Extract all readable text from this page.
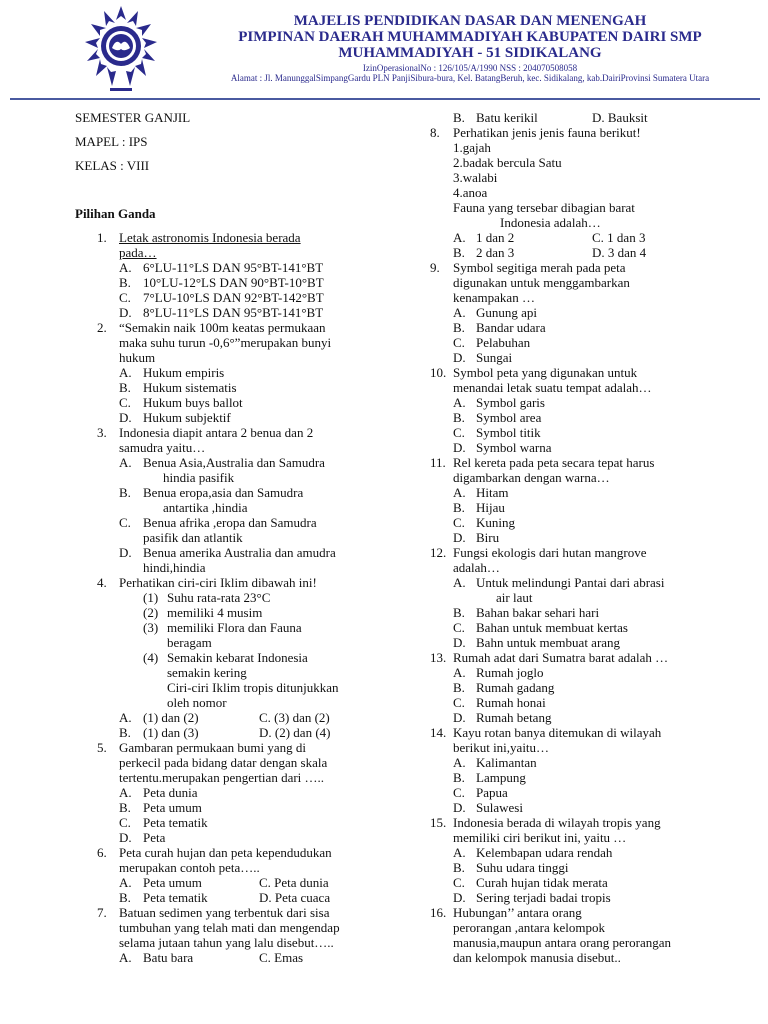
MAJELIS PENDIDIKAN DASAR DAN MENENGAH
PIMPINAN DAERAH MUHAMMADIYAH KABUPATEN DAIRI SMP
MUHAMMADIYAH - 51 SIDIKALANG
IzinOperasionalNo : 126/105/A/1990 NSS : 204070508058
Alamat : Jl. ManunggalSimpangGardu PLN PanjiSibura-bura, Kel. BatangBeruh, kec. Sidikalang, kab.DairiProvinsi Sumatera Utara
SEMESTER GANJIL
MAPEL : IPS
Pilihan Ganda
KELAS : VIII
1. Letak astronomis Indonesia berada
pada…
A. 6°LU-11°LS DAN 95°BT-141°BT
B. 10°LU-12°LS DAN 90°BT-10°BT
C. 7°LU-10°LS DAN 92°BT-142°BT
D. 8°LU-11°LS DAN 95°BT-141°BT
2. “Semakin naik 100m keatas permukaan
maka suhu turun -0,6°”merupakan bunyi
hukum
A. Hukum empiris
B. Hukum sistematis
C. Hukum buys ballot
D. Hukum subjektif
3. Indonesia diapit antara 2 benua dan 2
samudra yaitu…
A. Benua Asia,Australia dan Samudra
hindia pasifik
B. Benua eropa,asia dan Samudra
antartika ,hindia
C. Benua afrika ,eropa dan Samudra
pasifik dan atlantik
D. Benua amerika Australia dan amudra
hindi,hindia
4. Perhatikan ciri-ciri Iklim dibawah ini!
(1) Suhu rata-rata 23°C
(2) memiliki 4 musim
(3) memiliki Flora dan Fauna
beragam
(4) Semakin kebarat Indonesia
semakin kering
Ciri-ciri Iklim tropis ditunjukkan
oleh nomor
A. (1) dan (2)	C. (3) dan (2)
B. (1) dan (3)	D. (2) dan (4)
5. Gambaran permukaan bumi yang di
perkecil pada bidang datar dengan skala
tertentu.merupakan pengertian dari …..
A. Peta dunia
B. Peta umum
C. Peta tematik
D. Peta
6. Peta curah hujan dan peta kependudukan
merupakan contoh peta…..
A. Peta umum	C. Peta dunia
B. Peta tematik	D. Peta cuaca
7. Batuan sedimen yang terbentuk dari sisa
tumbuhan yang telah mati dan mengendap
selama jutaan tahun yang lalu disebut…..
A. Batu bara	C. Emas
B. Batu kerikil	D. Bauksit
8. Perhatikan jenis jenis fauna berikut!
1.gajah
2.badak bercula Satu
3.walabi
4.anoa
Fauna yang tersebar dibagian barat
Indonesia adalah…
A. 1 dan 2	C. 1 dan 3
B. 2 dan 3	D. 3 dan 4
9. Symbol segitiga merah pada peta
digunakan untuk menggambarkan
kenampakan …
A. Gunung api
B. Bandar udara
C. Pelabuhan
D. Sungai
10. Symbol peta yang digunakan untuk
menandai letak suatu tempat adalah…
A. Symbol garis
B. Symbol area
C. Symbol titik
D. Symbol warna
11. Rel kereta pada peta secara tepat harus
digambarkan dengan warna…
A. Hitam
B. Hijau
C. Kuning
D. Biru
12. Fungsi ekologis dari hutan mangrove
adalah…
A. Untuk melindungi Pantai dari abrasi
air laut
B. Bahan bakar sehari hari
C. Bahan untuk membuat kertas
D. Bahn untuk membuat arang
13. Rumah adat dari Sumatra barat adalah …
A. Rumah joglo
B. Rumah gadang
C. Rumah honai
D. Rumah betang
14. Kayu rotan banya ditemukan di wilayah
berikut ini,yaitu…
A. Kalimantan
B. Lampung
C. Papua
D. Sulawesi
15. Indonesia berada di wilayah tropis yang
memiliki ciri berikut ini, yaitu …
A. Kelembapan udara rendah
B. Suhu udara tinggi
C. Curah hujan tidak merata
D. Sering terjadi badai tropis
16. Hubungan’’ antara orang
perorangan ,antara kelompok
manusia,maupun antara orang perorangan
dan kelompok manusia disebut..
